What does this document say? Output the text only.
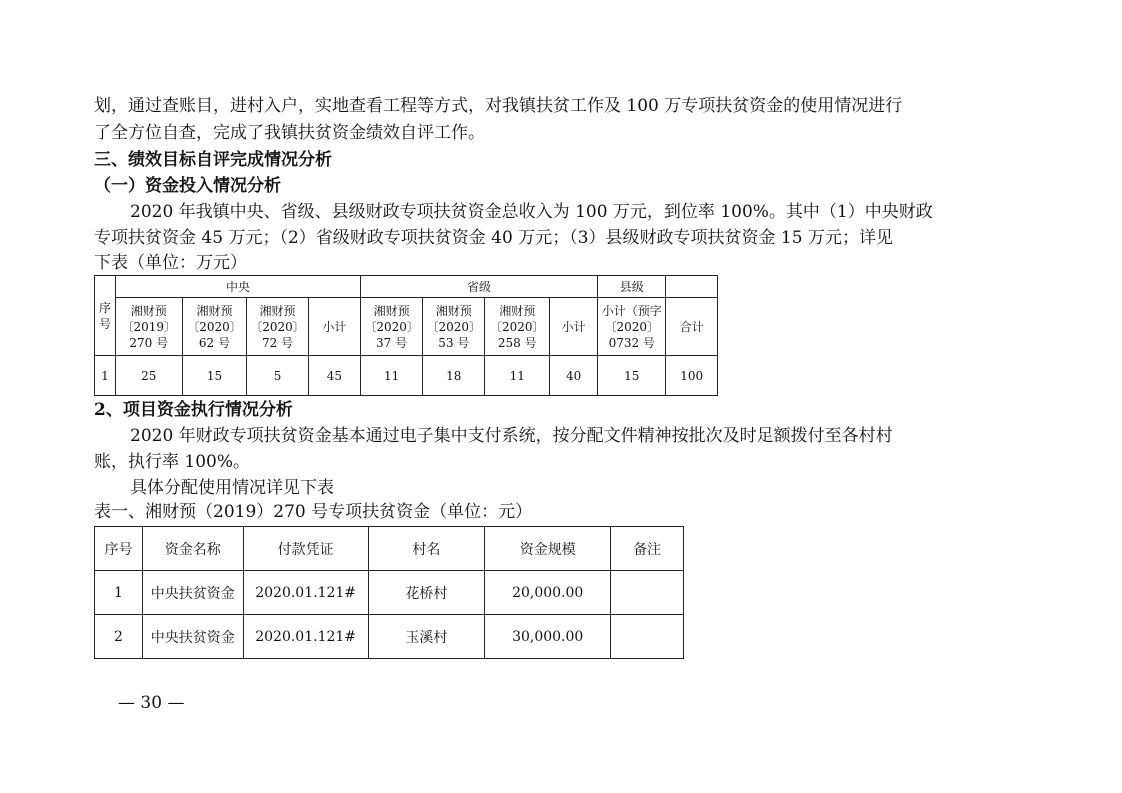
划，通过查账目，进村入户，实地查看工程等方式，对我镇扶贫工作及 100 万专项扶贫资金的使用情况进行
了全方位自查，完成了我镇扶贫资金绩效自评工作。
三、绩效目标自评完成情况分析
（一）资金投入情况分析
2020 年我镇中央、省级、县级财政专项扶贫资金总收入为 100 万元，到位率 100%。其中（1）中央财政
专项扶贫资金 45 万元；（2）省级财政专项扶贫资金 40 万元；（3）县级财政专项扶贫资金 15 万元；详见
下表（单位：万元）
序号	中央				省级				县级	
	湘财预〔2019〕270 号	湘财预〔2020〕62 号	湘财预〔2020〕72 号	小计	湘财预〔2020〕37 号	湘财预〔2020〕53 号	湘财预〔2020〕258 号	小计	小计（预字〔2020〕0732 号	合计
1	25	15	5	45	11	18	11	40	15	100
2、项目资金执行情况分析
2020 年财政专项扶贫资金基本通过电子集中支付系统，按分配文件精神按批次及时足额拨付至各村村
账，执行率 100%。
具体分配使用情况详见下表
表一、湘财预（2019）270 号专项扶贫资金（单位：元）
序号	资金名称	付款凭证	村名	资金规模	备注
1	中央扶贫资金	2020.01.121#	花桥村	20,000.00	
2	中央扶贫资金	2020.01.121#	玉溪村	30,000.00	
— 30 —
